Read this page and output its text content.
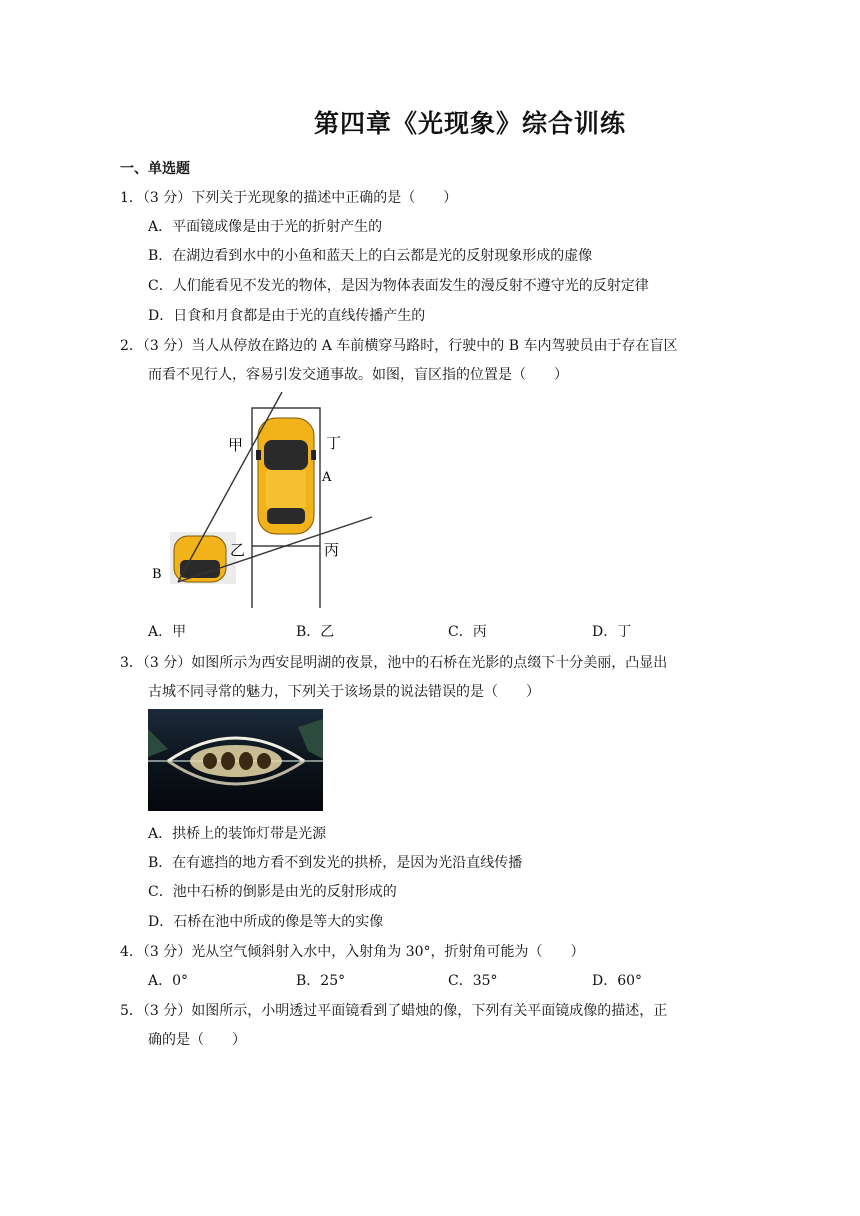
第四章《光现象》综合训练
一、单选题
1．（3 分）下列关于光现象的描述中正确的是（　　）
A．平面镜成像是由于光的折射产生的
B．在湖边看到水中的小鱼和蓝天上的白云都是光的反射现象形成的虚像
C．人们能看见不发光的物体，是因为物体表面发生的漫反射不遵守光的反射定律
D．日食和月食都是由于光的直线传播产生的
2．（3 分）当人从停放在路边的 A 车前横穿马路时，行驶中的 B 车内驾驶员由于存在盲区
而看不见行人，容易引发交通事故。如图，盲区指的位置是（　　）
甲	丁
A
乙	丙
B
A．甲	B．乙	C．丙	D．丁
3．（3 分）如图所示为西安昆明湖的夜景，池中的石桥在光影的点缀下十分美丽，凸显出
古城不同寻常的魅力，下列关于该场景的说法错误的是（　　）
A．拱桥上的装饰灯带是光源
B．在有遮挡的地方看不到发光的拱桥，是因为光沿直线传播
C．池中石桥的倒影是由光的反射形成的
D．石桥在池中所成的像是等大的实像
4．（3 分）光从空气倾斜射入水中，入射角为 30°，折射角可能为（　　）
A．0°	B．25°	C．35°	D．60°
5．（3 分）如图所示，小明透过平面镜看到了蜡烛的像，下列有关平面镜成像的描述，正
确的是（　　）
